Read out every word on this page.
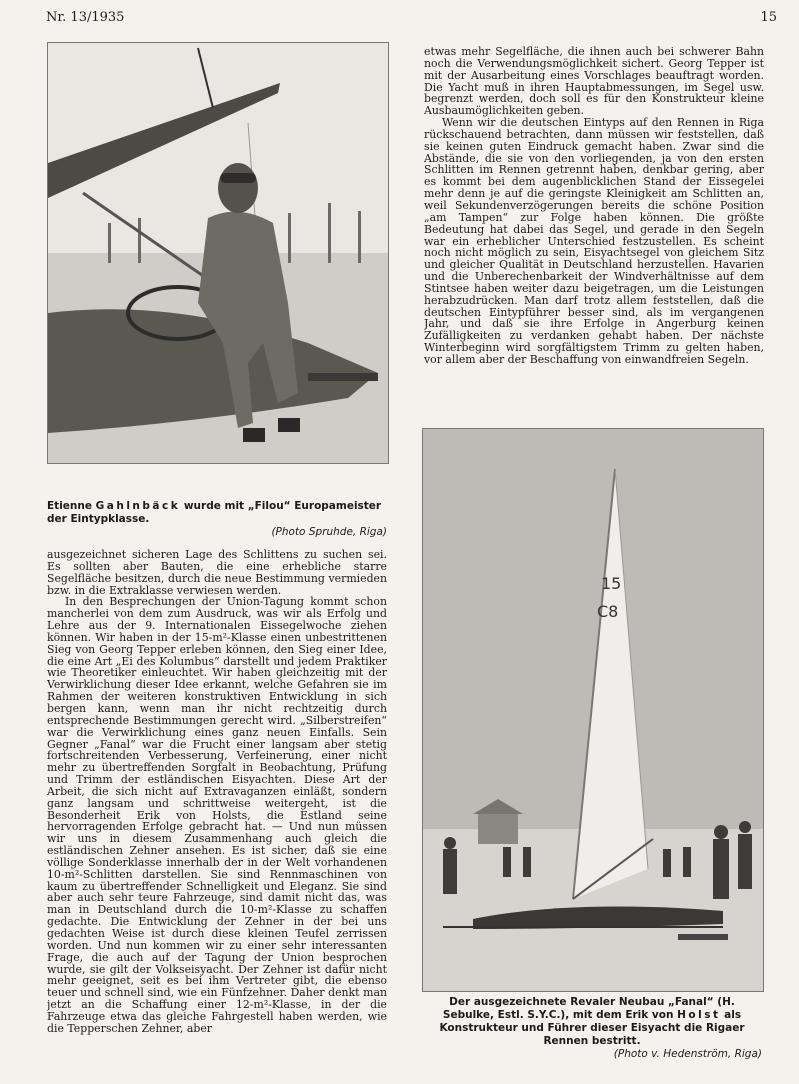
Nr. 13/1935	15
Etienne Gahlnbäck wurde mit „Filou“ Europameister der Eintypklasse.
(Photo Spruhde, Riga)
15
C8
Der ausgezeichnete Revaler Neubau „Fanal“ (H. Sebulke, Estl. S.Y.C.), mit dem Erik von Holst als Konstrukteur und Führer dieser Eisyacht die Rigaer Rennen bestritt.
(Photo v. Hedenström, Riga)

etwas mehr Segelfläche, die ihnen auch bei schwerer Bahn noch die Verwendungsmöglichkeit sichert. Georg Tepper ist mit der Ausarbeitung eines Vorschlages beauftragt worden. Die Yacht muß in ihren Hauptabmessungen, im Segel usw. begrenzt werden, doch soll es für den Konstrukteur kleine Ausbaumöglichkeiten geben.

Wenn wir die deutschen Eintyps auf den Rennen in Riga rückschauend betrachten, dann müssen wir feststellen, daß sie keinen guten Eindruck gemacht haben. Zwar sind die Abstände, die sie von den vorliegenden, ja von den ersten Schlitten im Rennen getrennt haben, denkbar gering, aber es kommt bei dem augenblicklichen Stand der Eissegelei mehr denn je auf die geringste Kleinigkeit am Schlitten an, weil Sekundenverzögerungen bereits die schöne Position „am Tampen“ zur Folge haben können. Die größte Bedeutung hat dabei das Segel, und gerade in den Segeln war ein erheblicher Unterschied festzustellen. Es scheint noch nicht möglich zu sein, Eisyachtsegel von gleichem Sitz und gleicher Qualität in Deutschland herzustellen. Havarien und die Unberechenbarkeit der Windverhältnisse auf dem Stintsee haben weiter dazu beigetragen, um die Leistungen herabzudrücken. Man darf trotz allem feststellen, daß die deutschen Eintypführer besser sind, als im vergangenen Jahr, und daß sie ihre Erfolge in Angerburg keinen Zufälligkeiten zu verdanken gehabt haben. Der nächste Winterbeginn wird sorgfältigstem Trimm zu gelten haben, vor allem aber der Beschaffung von einwandfreien Segeln.

ausgezeichnet sicheren Lage des Schlittens zu suchen sei. Es sollten aber Bauten, die eine erhebliche starre Segelfläche besitzen, durch die neue Bestimmung vermieden bzw. in die Extraklasse verwiesen werden.

In den Besprechungen der Union-Tagung kommt schon mancherlei von dem zum Ausdruck, was wir als Erfolg und Lehre aus der 9. Internationalen Eissegelwoche ziehen können. Wir haben in der 15-m²-Klasse einen unbestrittenen Sieg von Georg Tepper erleben können, den Sieg einer Idee, die eine Art „Ei des Kolumbus“ darstellt und jedem Praktiker wie Theoretiker einleuchtet. Wir haben gleichzeitig mit der Verwirklichung dieser Idee erkannt, welche Gefahren sie im Rahmen der weiteren konstruktiven Entwicklung in sich bergen kann, wenn man ihr nicht rechtzeitig durch entsprechende Bestimmungen gerecht wird. „Silberstreifen“ war die Verwirklichung eines ganz neuen Einfalls. Sein Gegner „Fanal“ war die Frucht einer langsam aber stetig fortschreitenden Verbesserung, Verfeinerung, einer nicht mehr zu übertreffenden Sorgfalt in Beobachtung, Prüfung und Trimm der estländischen Eisyachten. Diese Art der Arbeit, die sich nicht auf Extravaganzen einläßt, sondern ganz langsam und schrittweise weitergeht, ist die Besonderheit Erik von Holsts, die Estland seine hervorragenden Erfolge gebracht hat. — Und nun müssen wir uns in diesem Zusammenhang auch gleich die estländischen Zehner ansehen. Es ist sicher, daß sie eine völlige Sonderklasse innerhalb der in der Welt vorhandenen 10-m²-Schlitten darstellen. Sie sind Rennmaschinen von kaum zu übertreffender Schnelligkeit und Eleganz. Sie sind aber auch sehr teure Fahrzeuge, sind damit nicht das, was man in Deutschland durch die 10-m²-Klasse zu schaffen gedachte. Die Entwicklung der Zehner in der bei uns gedachten Weise ist durch diese kleinen Teufel zerrissen worden. Und nun kommen wir zu einer sehr interessanten Frage, die auch auf der Tagung der Union besprochen wurde, sie gilt der Volkseisyacht. Der Zehner ist dafür nicht mehr geeignet, seit es bei ihm Vertreter gibt, die ebenso teuer und schnell sind, wie ein Fünfzehner. Daher denkt man jetzt an die Schaffung einer 12-m²-Klasse, in der die Fahrzeuge etwa das gleiche Fahrgestell haben werden, wie die Tepperschen Zehner, aber
